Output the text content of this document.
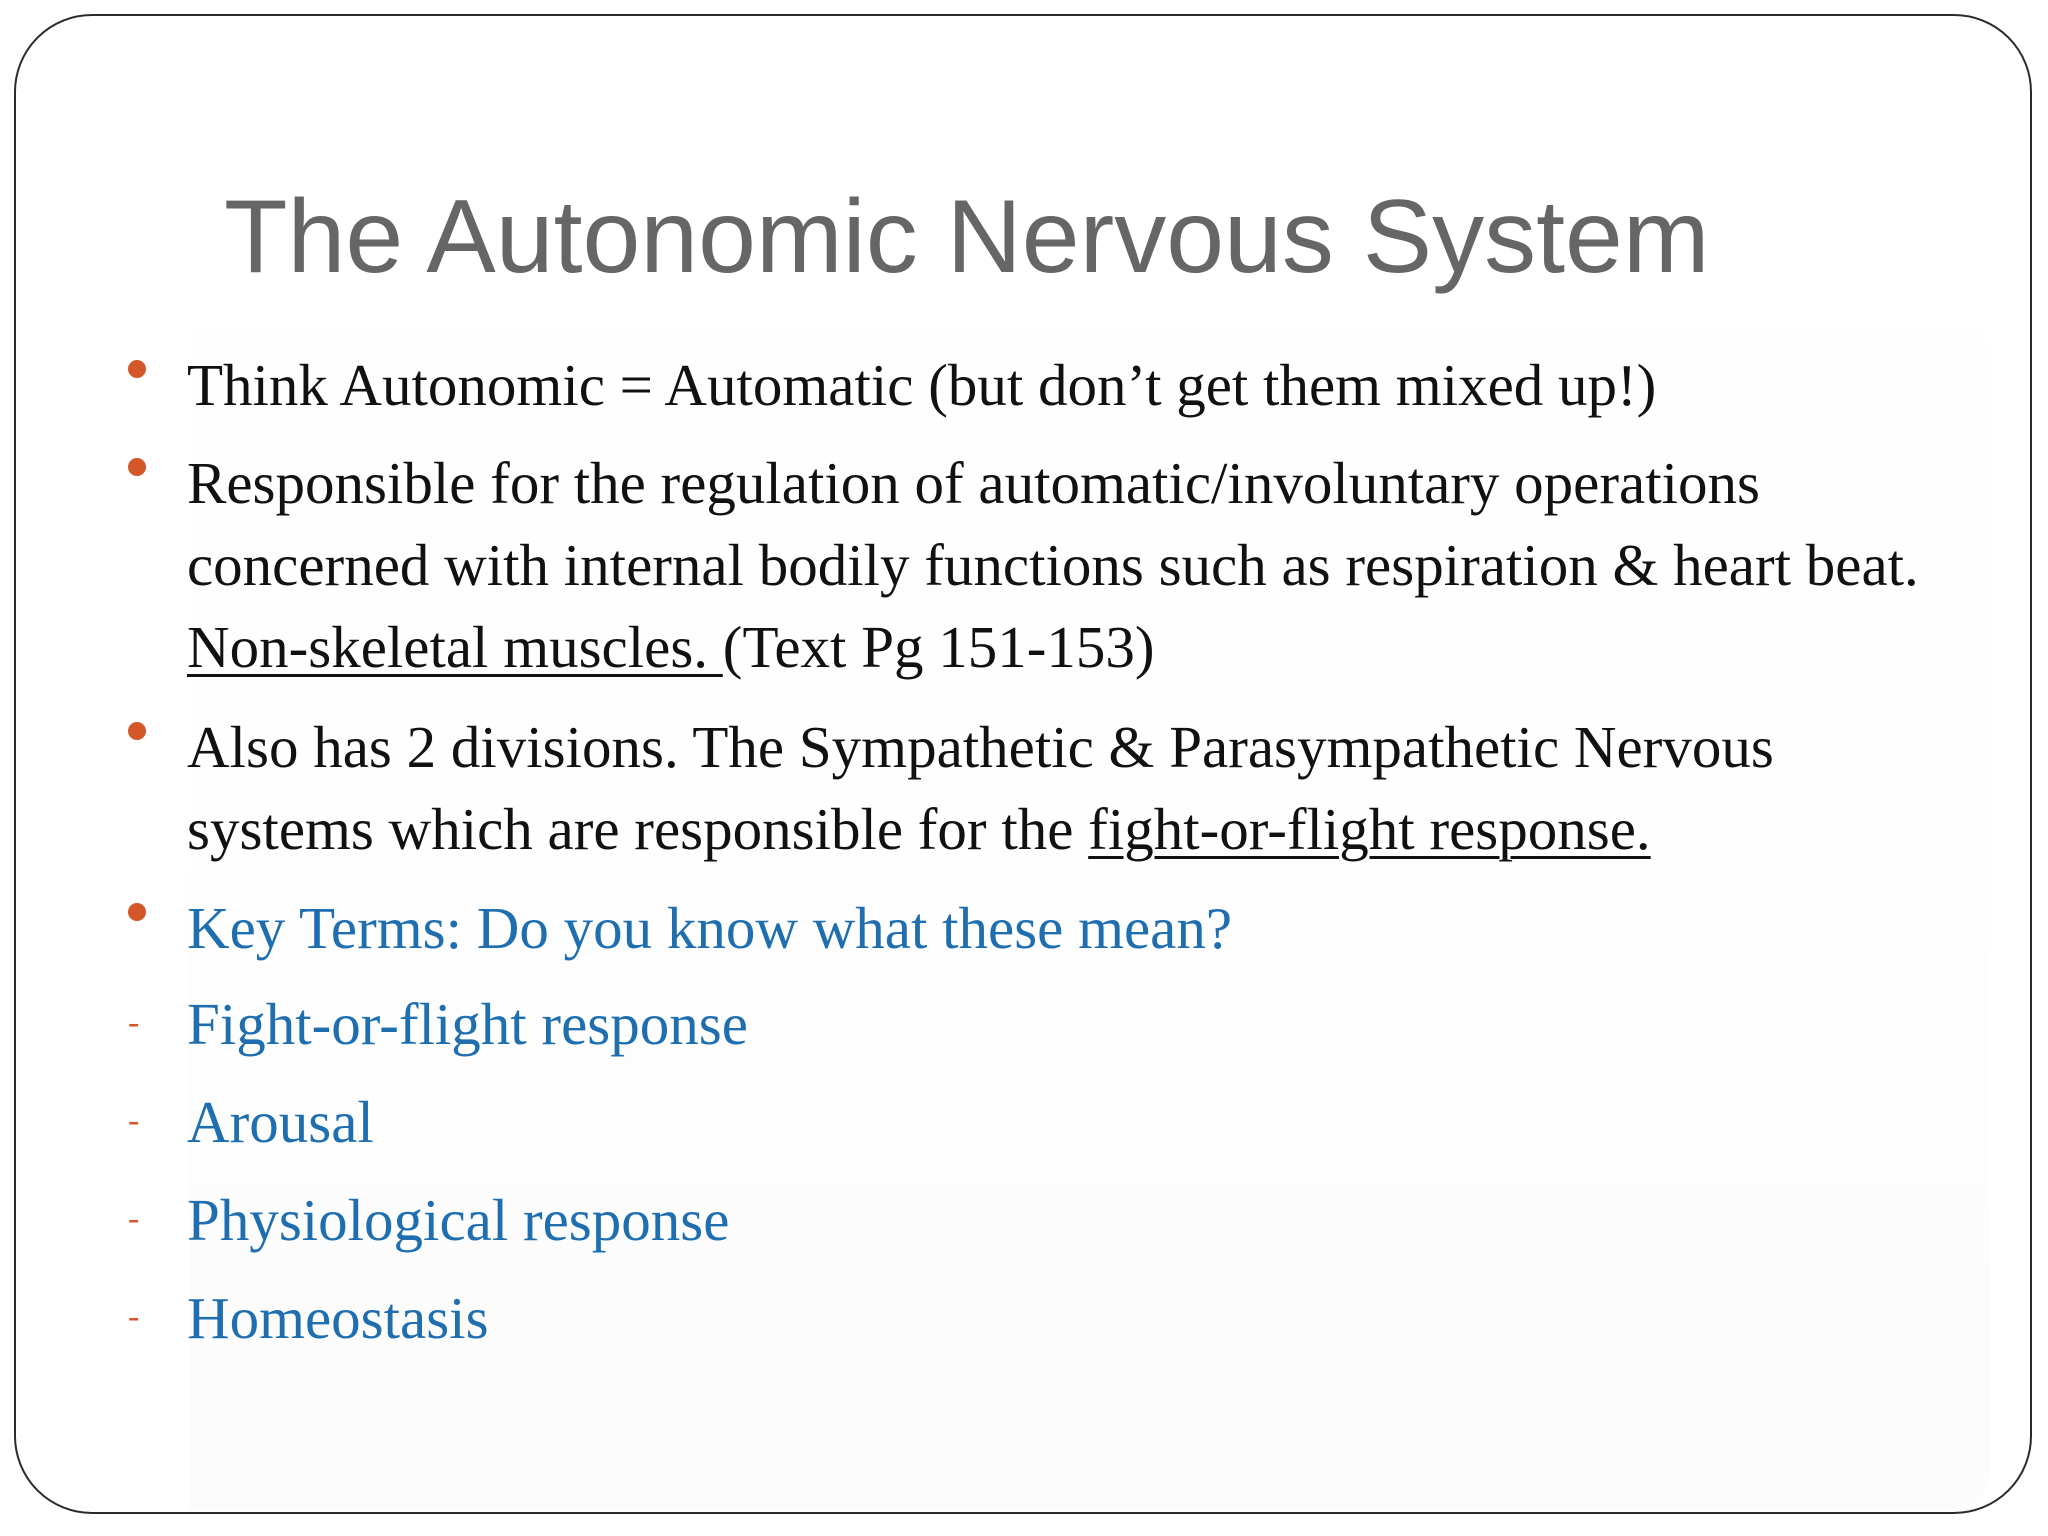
The Autonomic Nervous System

Think Autonomic = Automatic (but don’t get them mixed up!)

Responsible for the regulation of automatic/involuntary operations concerned with internal bodily functions such as respiration & heart beat. Non-skeletal muscles. (Text Pg 151-153)

Also has 2 divisions. The Sympathetic & Parasympathetic Nervous systems which are responsible for the fight-or-flight response.

Key Terms: Do you know what these mean?

- Fight-or-flight response

- Arousal

- Physiological response

- Homeostasis
